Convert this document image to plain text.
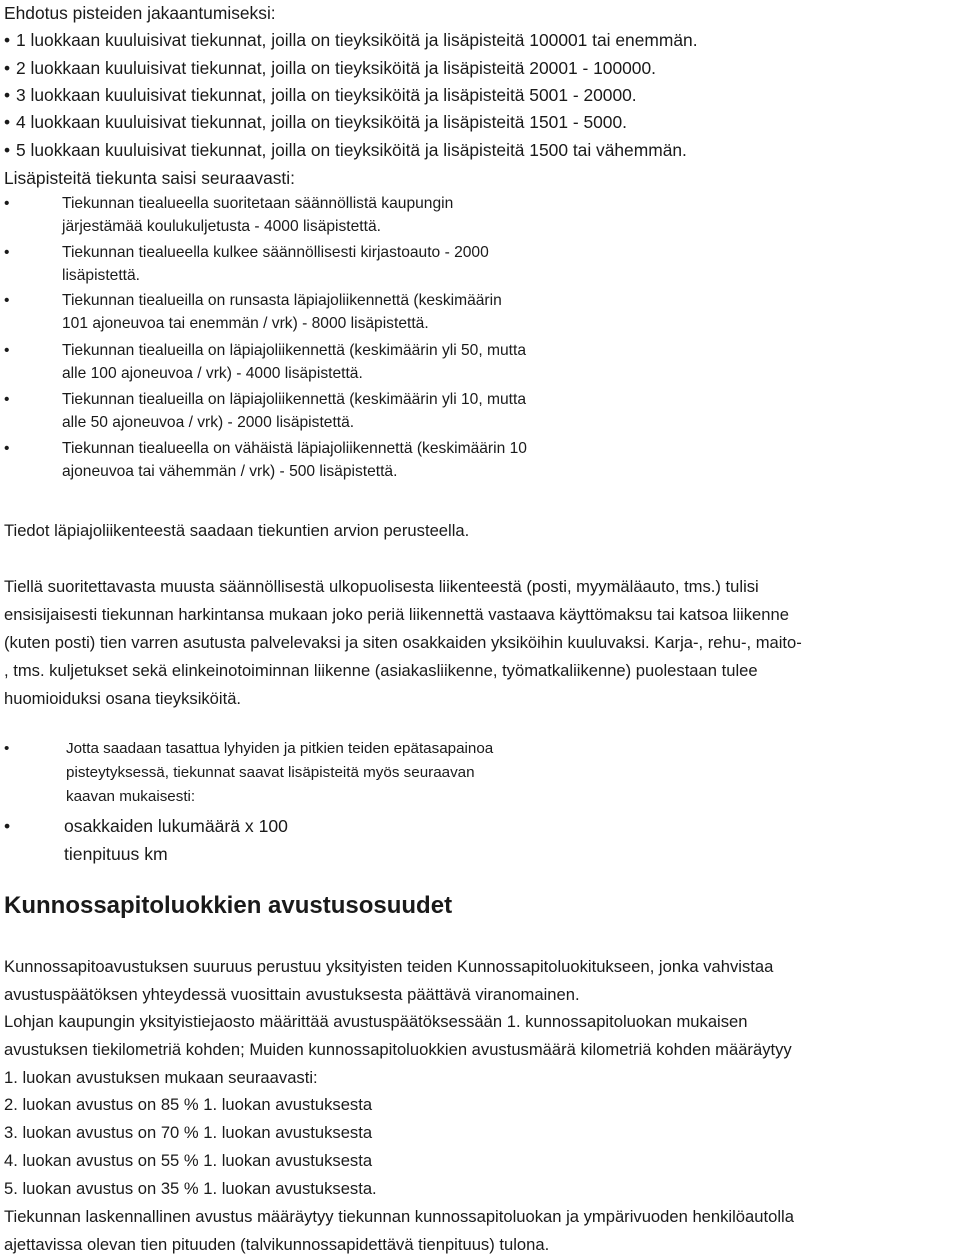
Ehdotus pisteiden jakaantumiseksi:
• 1 luokkaan kuuluisivat tiekunnat, joilla on tieyksiköitä ja lisäpisteitä 100001 tai enemmän.
• 2 luokkaan kuuluisivat tiekunnat, joilla on tieyksiköitä ja lisäpisteitä 20001 - 100000.
• 3 luokkaan kuuluisivat tiekunnat, joilla on tieyksiköitä ja lisäpisteitä 5001 - 20000.
• 4 luokkaan kuuluisivat tiekunnat, joilla on tieyksiköitä ja lisäpisteitä 1501 - 5000.
• 5 luokkaan kuuluisivat tiekunnat, joilla on tieyksiköitä ja lisäpisteitä 1500 tai vähemmän.
Lisäpisteitä tiekunta saisi seuraavasti:
•	Tiekunnan tiealueella suoritetaan säännöllistä kaupungin
järjestämää koulukuljetusta - 4000 lisäpistettä.
•	Tiekunnan tiealueella kulkee säännöllisesti kirjastoauto - 2000
lisäpistettä.
•	Tiekunnan tiealueilla on runsasta läpiajoliikennettä (keskimäärin
101 ajoneuvoa tai enemmän / vrk) - 8000 lisäpistettä.
•	Tiekunnan tiealueilla on läpiajoliikennettä (keskimäärin yli 50, mutta
alle 100 ajoneuvoa / vrk) - 4000 lisäpistettä.
•	Tiekunnan tiealueilla on läpiajoliikennettä (keskimäärin yli 10, mutta
alle 50 ajoneuvoa / vrk) - 2000 lisäpistettä.
•	Tiekunnan tiealueella on vähäistä läpiajoliikennettä (keskimäärin 10
ajoneuvoa tai vähemmän / vrk) - 500 lisäpistettä.
Tiedot läpiajoliikenteestä saadaan tiekuntien arvion perusteella.
Tiellä suoritettavasta muusta säännöllisestä ulkopuolisesta liikenteestä (posti, myymäläauto, tms.) tulisi
ensisijaisesti tiekunnan harkintansa mukaan joko periä liikennettä vastaava käyttömaksu tai katsoa liikenne
(kuten posti) tien varren asutusta palvelevaksi ja siten osakkaiden yksiköihin kuuluvaksi. Karja-, rehu-, maito-
, tms. kuljetukset sekä elinkeinotoiminnan liikenne (asiakasliikenne, työmatkaliikenne) puolestaan tulee
huomioiduksi osana tieyksiköitä.
•	Jotta saadaan tasattua lyhyiden ja pitkien teiden epätasapainoa
pisteytyksessä, tiekunnat saavat lisäpisteitä myös seuraavan
kaavan mukaisesti:
•	osakkaiden lukumäärä x 100
tienpituus km
Kunnossapitoluokkien avustusosuudet
Kunnossapitoavustuksen suuruus perustuu yksityisten teiden Kunnossapitoluokitukseen, jonka vahvistaa
avustuspäätöksen yhteydessä vuosittain avustuksesta päättävä viranomainen.
Lohjan kaupungin yksityistiejaosto määrittää avustuspäätöksessään 1. kunnossapitoluokan mukaisen
avustuksen tiekilometriä kohden; Muiden kunnossapitoluokkien avustusmäärä kilometriä kohden määräytyy
1. luokan avustuksen mukaan seuraavasti:
2. luokan avustus on 85 % 1. luokan avustuksesta
3. luokan avustus on 70 % 1. luokan avustuksesta
4. luokan avustus on 55 % 1. luokan avustuksesta
5. luokan avustus on 35 % 1. luokan avustuksesta.
Tiekunnan laskennallinen avustus määräytyy tiekunnan kunnossapitoluokan ja ympärivuoden henkilöautolla
ajettavissa olevan tien pituuden (talvikunnossapidettävä tienpituus) tulona.
